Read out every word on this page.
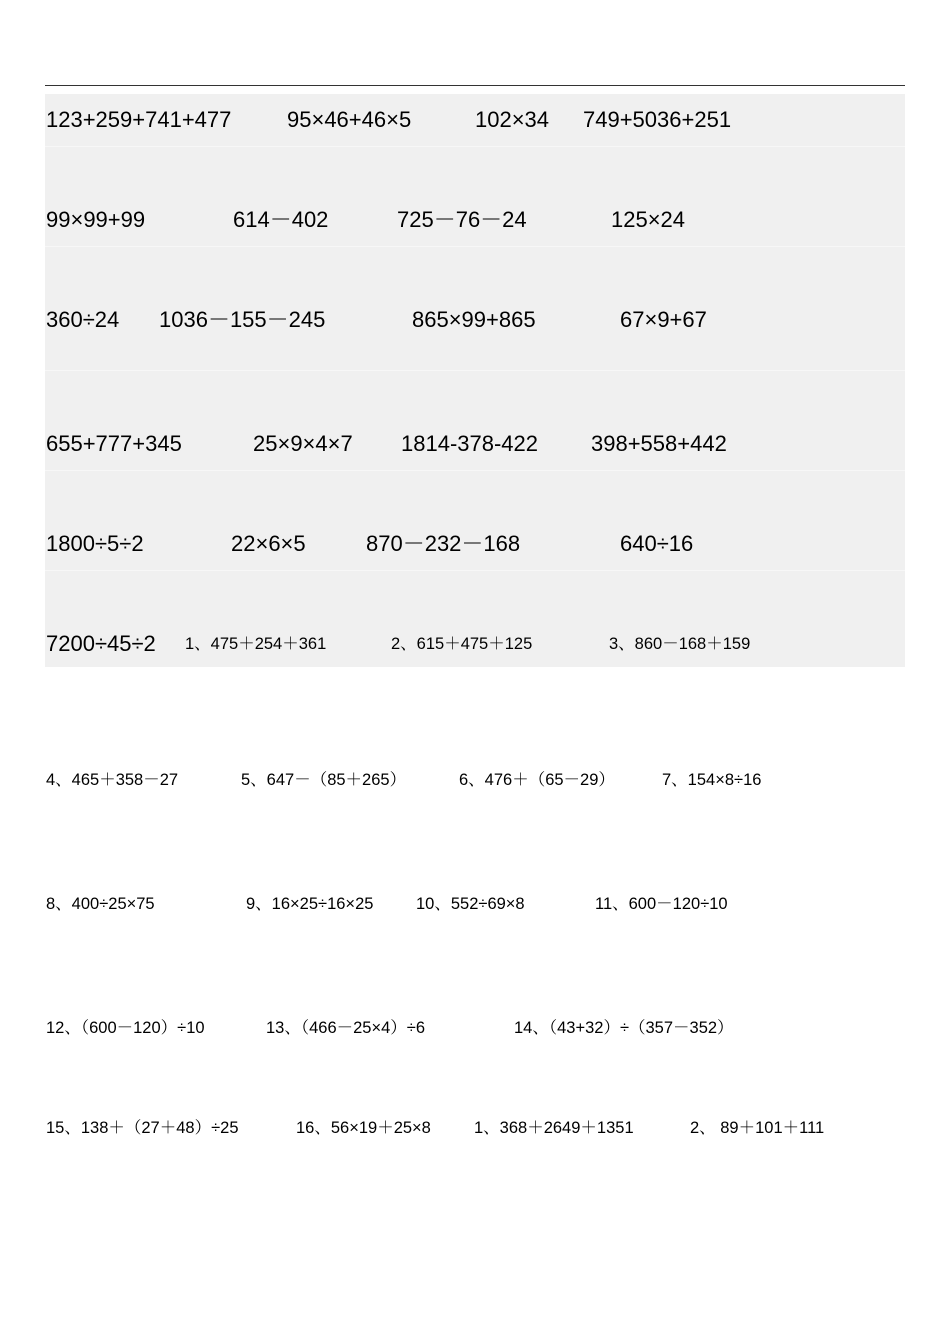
123+259+741+477	95×46+46×5	102×34 749+5036+251
99×99+99	614－402	725－76－24	125×24
360÷24 1036－155－245	865×99+865	67×9+67
655+777+345	25×9×4×7 1814-378-422 398+558+442
1800÷5÷2	22×6×5	870－232－168	640÷16
7200÷45÷2 1、475＋254＋361	2、615＋475＋125	3、860－168＋159
4、465＋358－27	5、647－（85＋265）	6、476＋（65－29）	7、154×8÷16
8、400÷25×75	9、16×25÷16×25	10、552÷69×8	11、600－120÷10
12、（600－120）÷10	13、（466－25×4）÷6	14、（43+32）÷（357－352）
15、138＋（27＋48）÷25	16、56×19＋25×8	1、368＋2649＋1351	2、 89＋101＋111
